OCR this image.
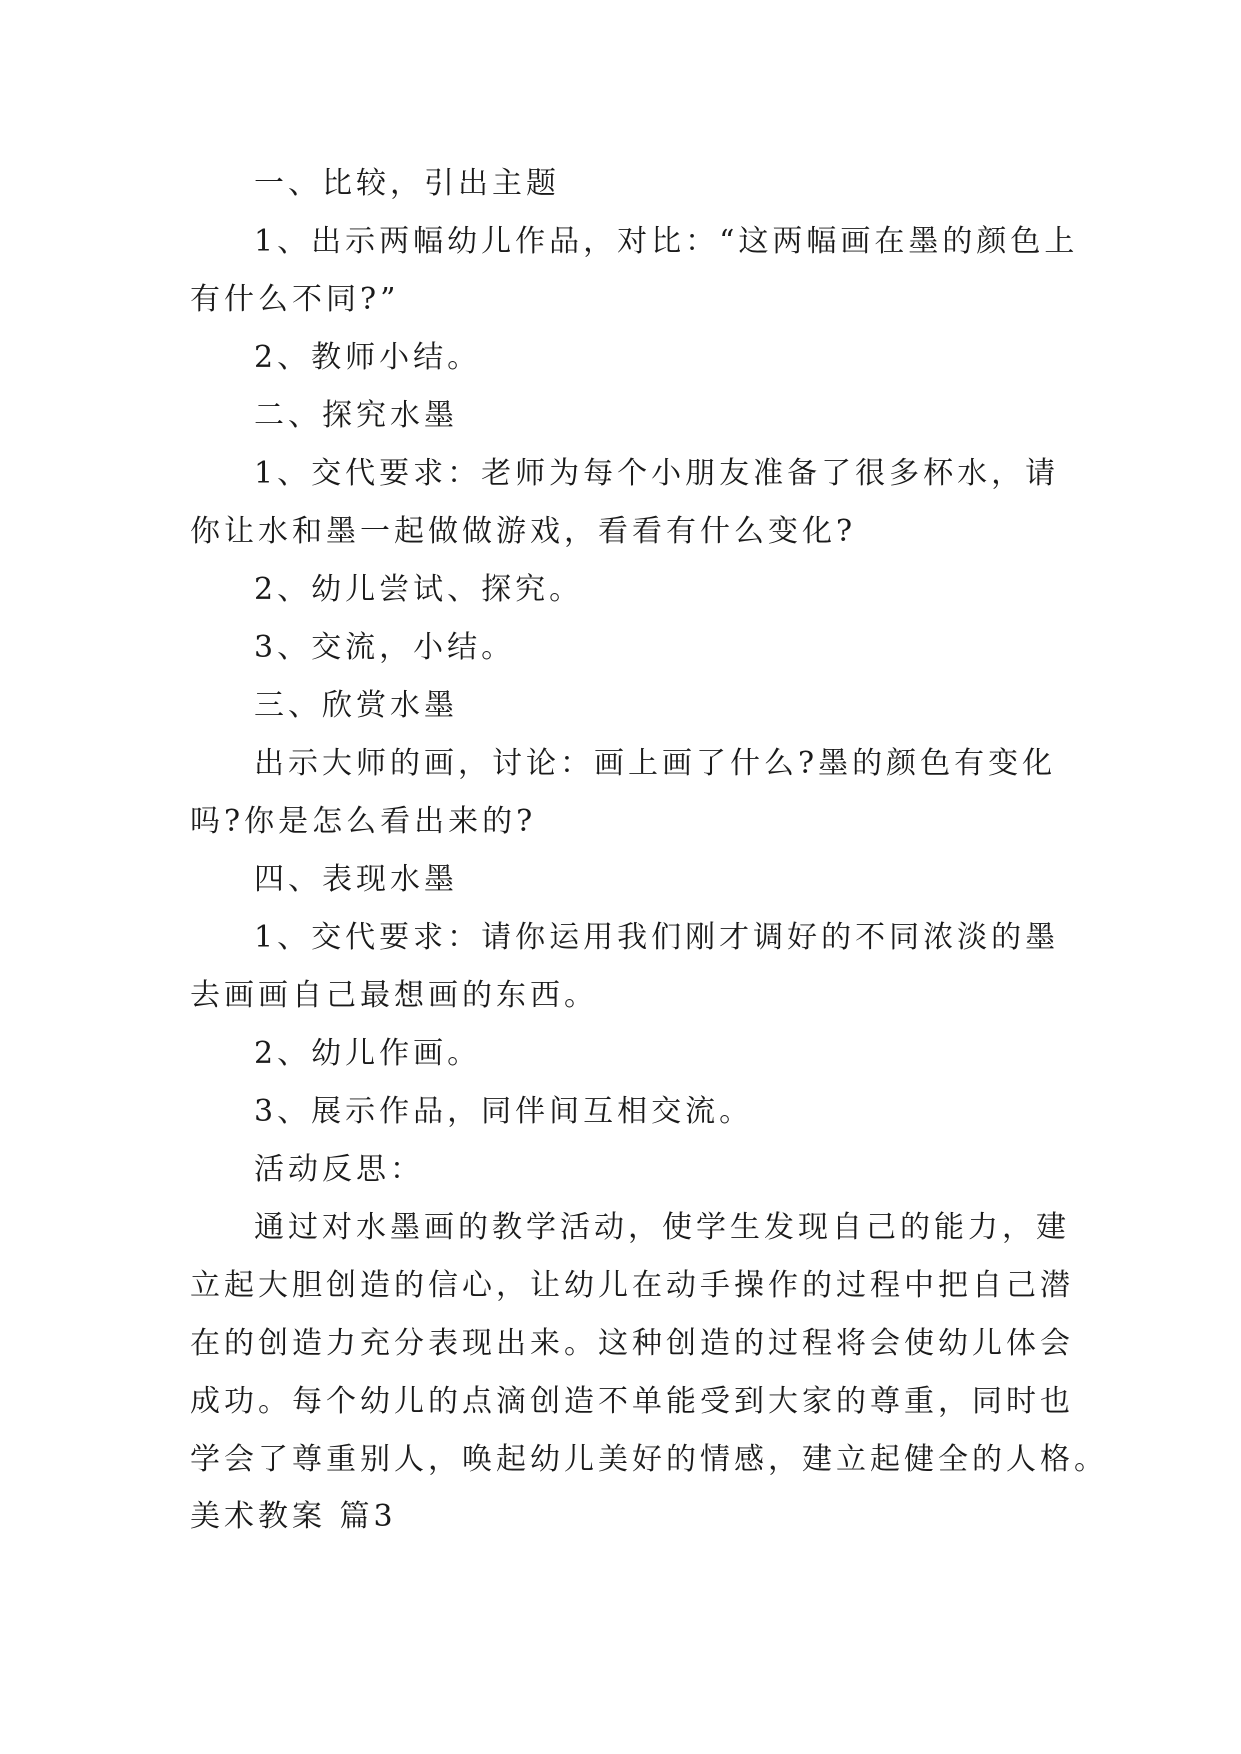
一、比较，引出主题
1、出示两幅幼儿作品，对比：“这两幅画在墨的颜色上
有什么不同?”
2、教师小结。
二、探究水墨
1、交代要求：老师为每个小朋友准备了很多杯水，请
你让水和墨一起做做游戏，看看有什么变化?
2、幼儿尝试、探究。
3、交流，小结。
三、欣赏水墨
出示大师的画，讨论：画上画了什么?墨的颜色有变化
吗?你是怎么看出来的?
四、表现水墨
1、交代要求：请你运用我们刚才调好的不同浓淡的墨
去画画自己最想画的东西。
2、幼儿作画。
3、展示作品，同伴间互相交流。
活动反思：
通过对水墨画的教学活动，使学生发现自己的能力，建
立起大胆创造的信心，让幼儿在动手操作的过程中把自己潜
在的创造力充分表现出来。这种创造的过程将会使幼儿体会
成功。每个幼儿的点滴创造不单能受到大家的尊重，同时也
学会了尊重别人，唤起幼儿美好的情感，建立起健全的人格。
美术教案 篇3
